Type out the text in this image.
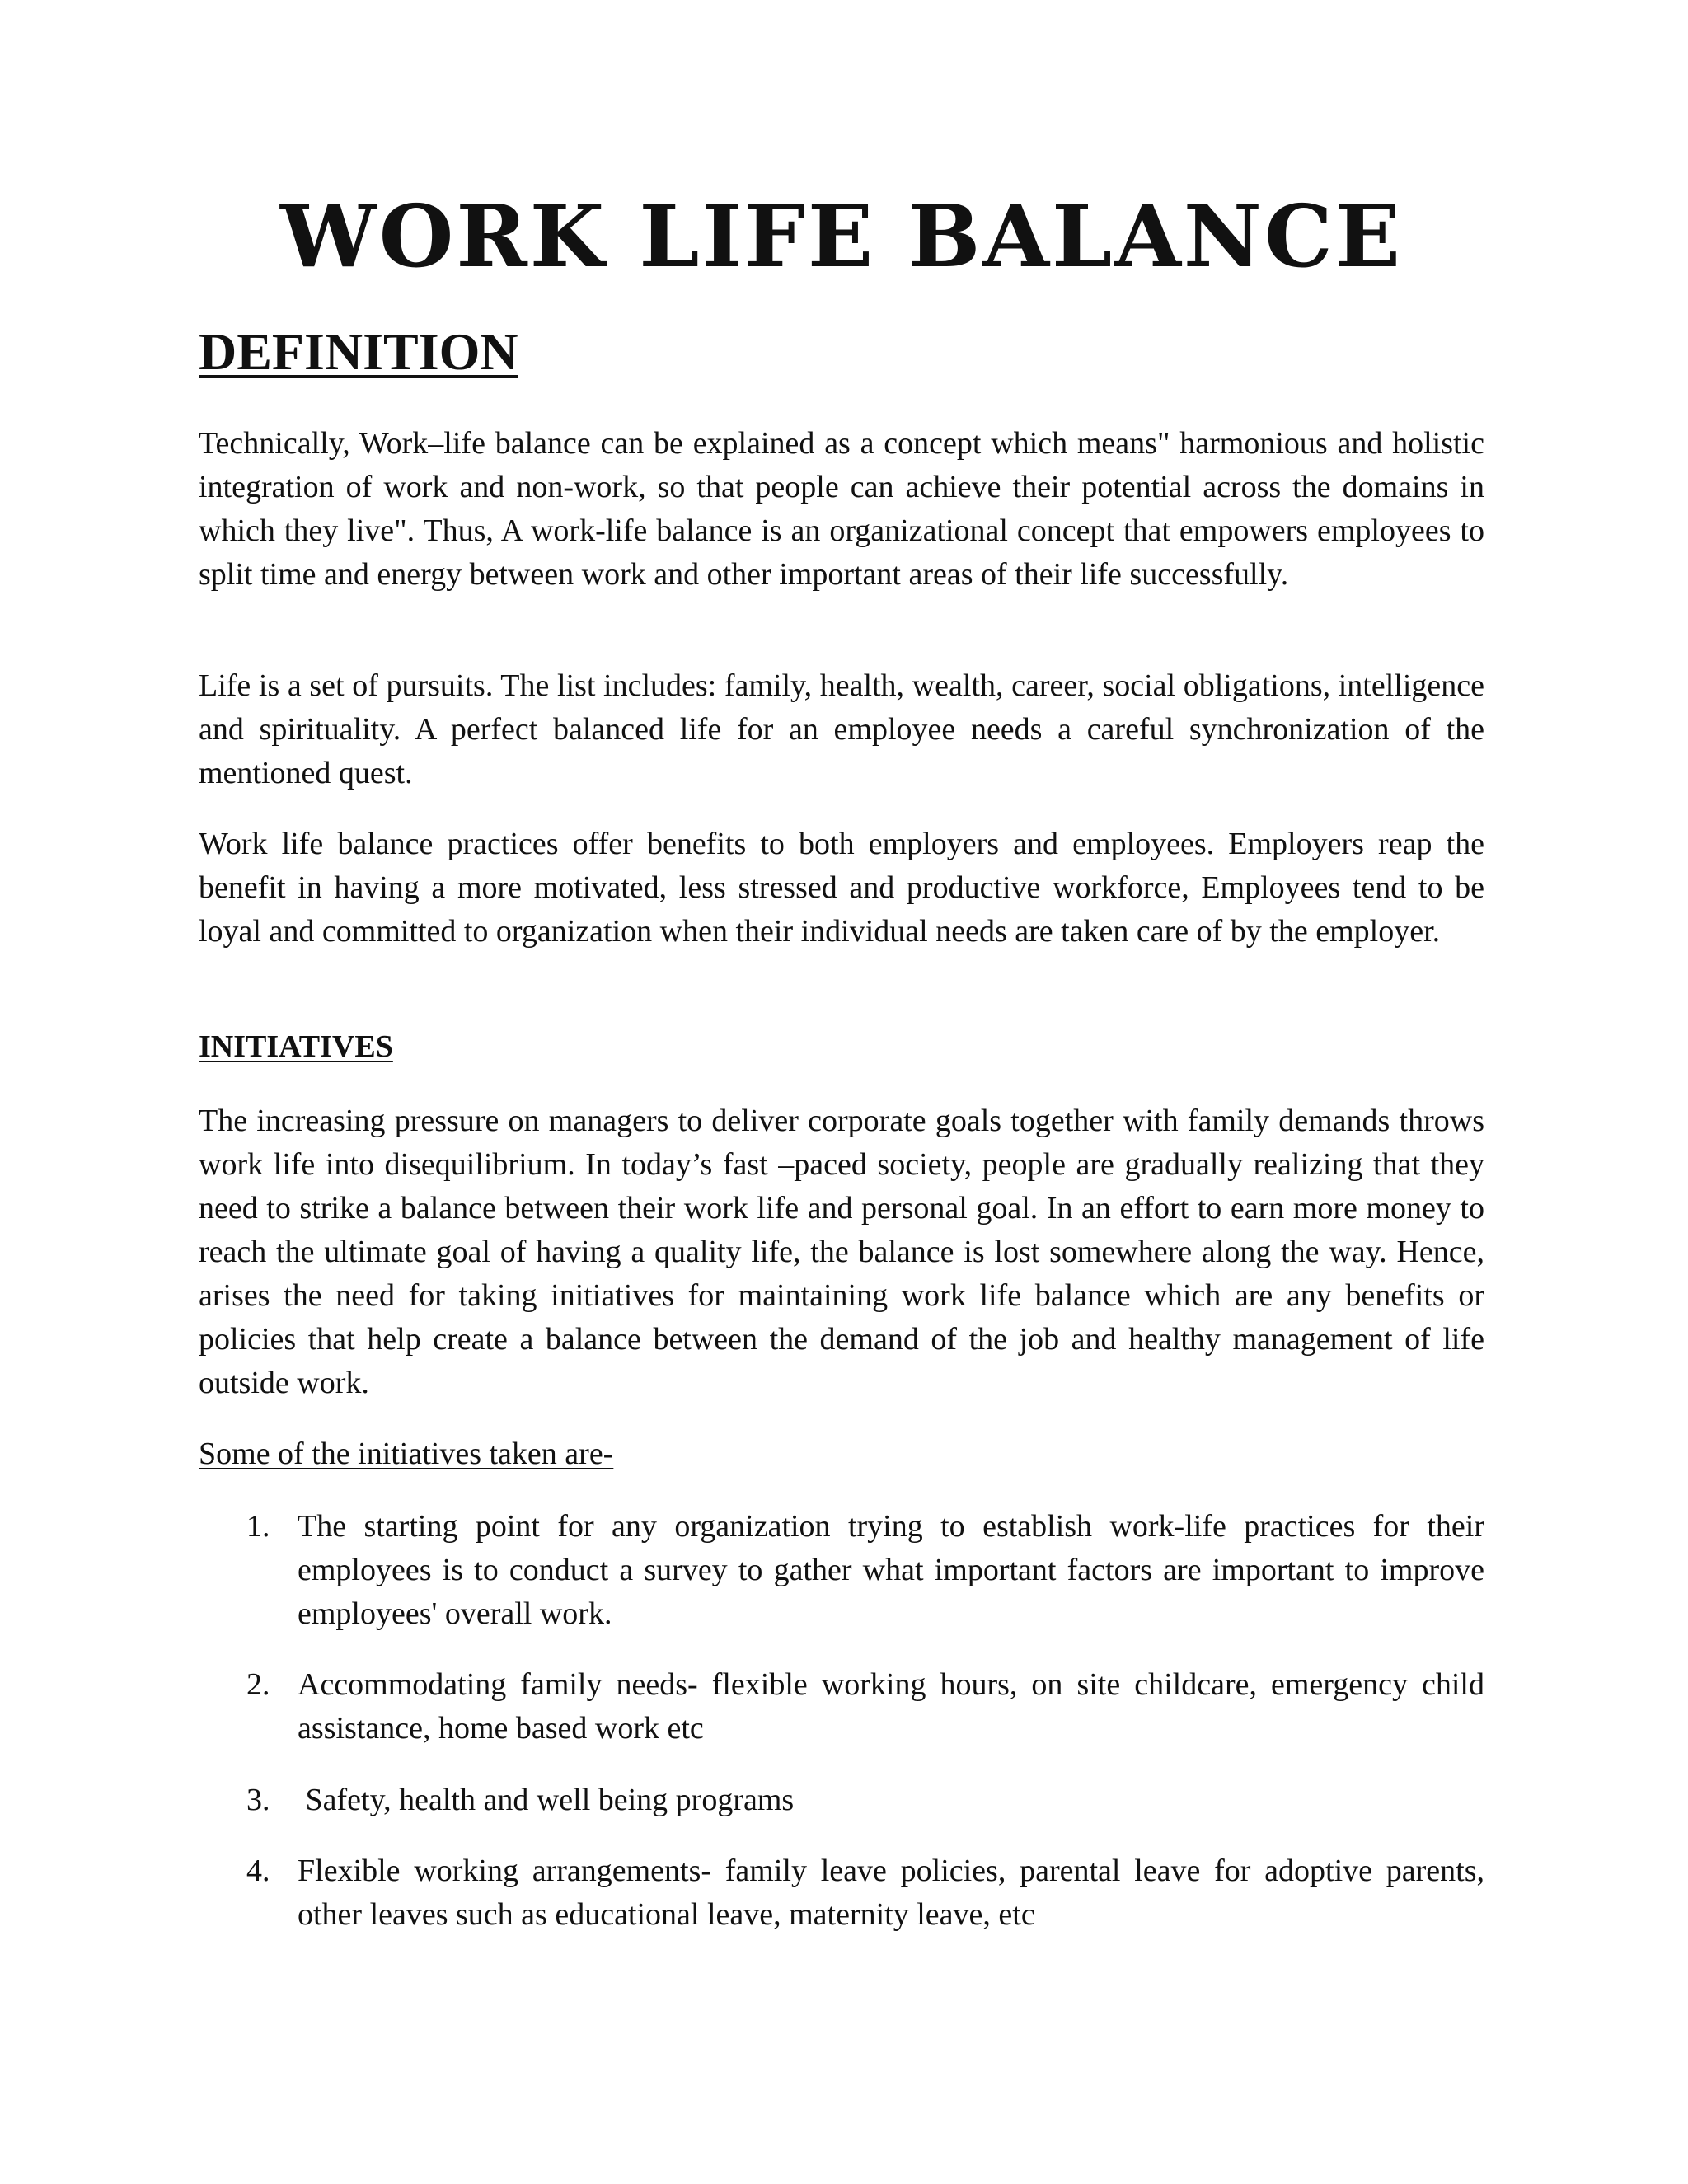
WORK LIFE BALANCE
DEFINITION

Technically, Work–life balance can be explained as a concept which means" harmonious and holistic integration of work and non-work, so that people can achieve their potential across the domains in which they live". Thus, A work-life balance is an organizational concept that empowers employees to split time and energy between work and other important areas of their life successfully.

Life is a set of pursuits. The list includes: family, health, wealth, career, social obligations, intelligence and spirituality. A perfect balanced life for an employee needs a careful synchronization of the mentioned quest.

Work life balance practices offer benefits to both employers and employees. Employers reap the benefit in having a more motivated, less stressed and productive workforce, Employees tend to be loyal and committed to organization when their individual needs are taken care of by the employer.

INITIATIVES

The increasing pressure on managers to deliver corporate goals together with family demands throws work life into disequilibrium. In today’s fast –paced society, people are gradually realizing that they need to strike a balance between their work life and personal goal. In an effort to earn more money to reach the ultimate goal of having a quality life, the balance is lost somewhere along the way. Hence, arises the need for taking initiatives for maintaining work life balance which are any benefits or policies that help create a balance between the demand of the job and healthy management of life outside work.

Some of the initiatives taken are-

1. The starting point for any organization trying to establish work-life practices for their employees is to conduct a survey to gather what important factors are important to improve employees' overall work.

2. Accommodating family needs- flexible working hours, on site childcare, emergency child assistance, home based work etc

3. Safety, health and well being programs

4. Flexible working arrangements- family leave policies, parental leave for adoptive parents, other leaves such as educational leave, maternity leave, etc
